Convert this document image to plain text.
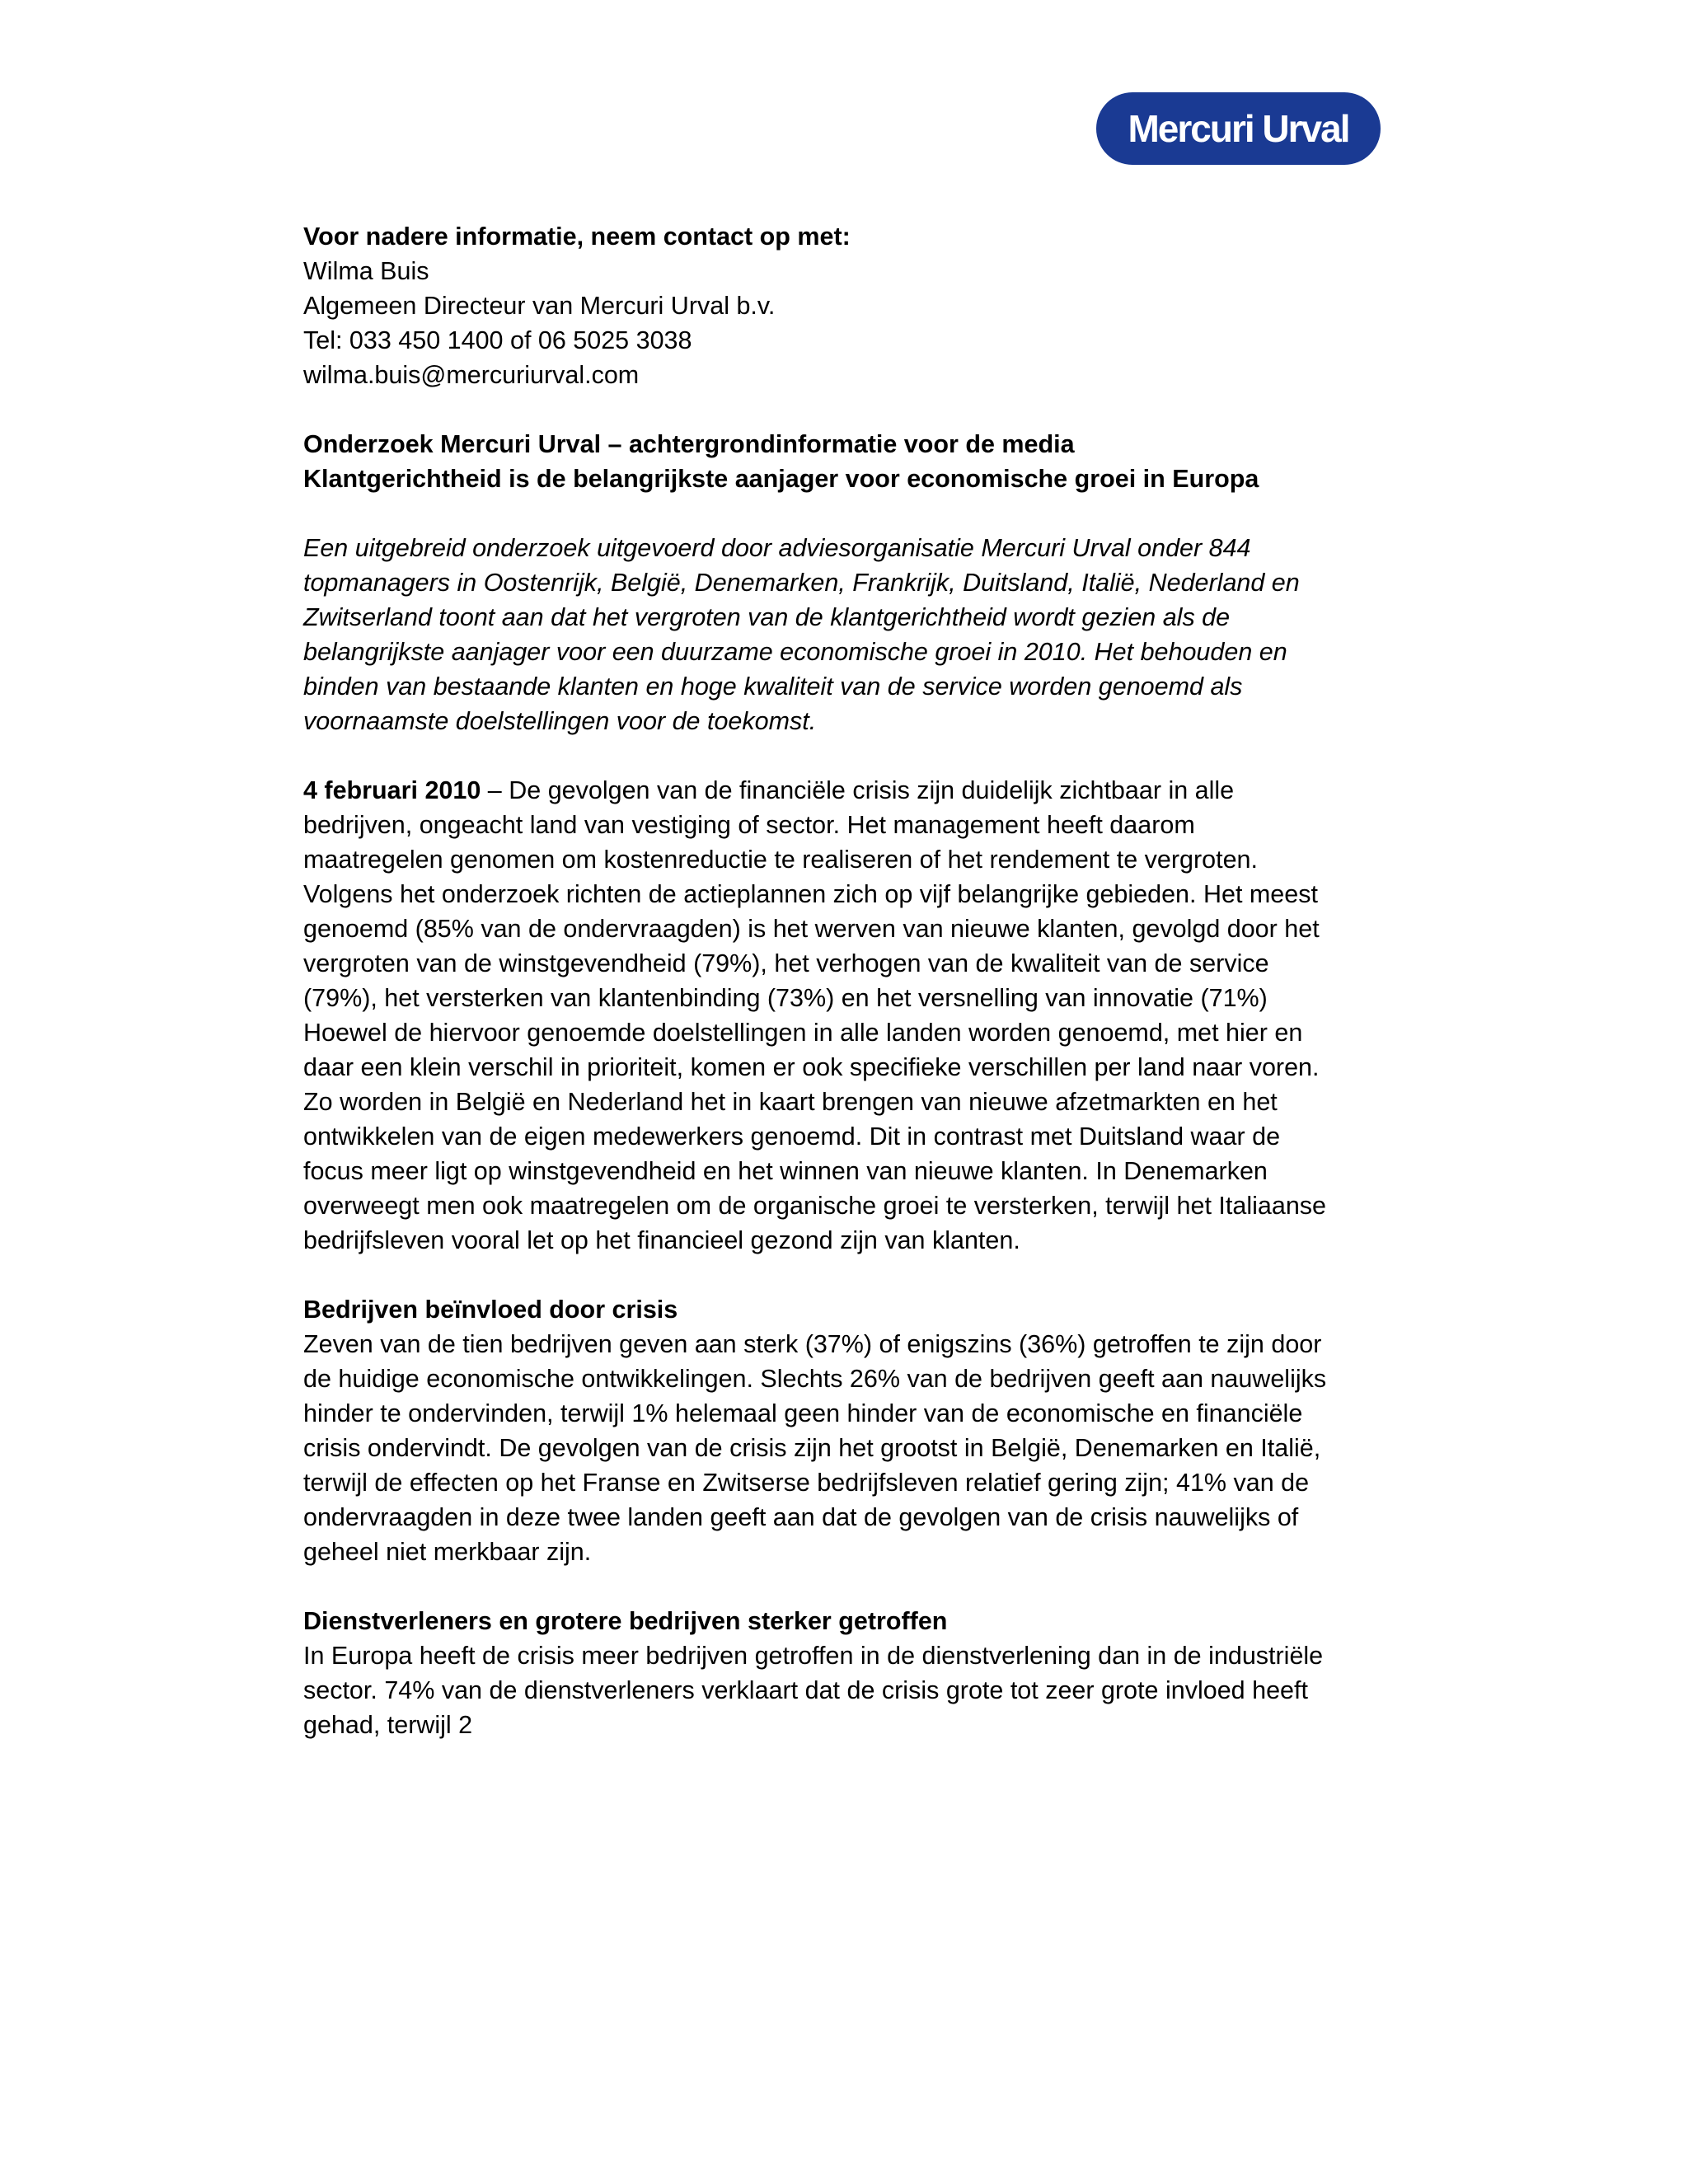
Mercuri Urval
Voor nadere informatie, neem contact op met:
Wilma Buis
Algemeen Directeur van Mercuri Urval b.v.
Tel: 033 450 1400 of 06 5025 3038
wilma.buis@mercuriurval.com
Onderzoek Mercuri Urval – achtergrondinformatie voor de media
Klantgerichtheid is de belangrijkste aanjager voor economische groei in Europa
Een uitgebreid onderzoek uitgevoerd door adviesorganisatie Mercuri Urval onder 844
topmanagers in Oostenrijk, België, Denemarken, Frankrijk, Duitsland, Italië, Nederland en
Zwitserland toont aan dat het vergroten van de klantgerichtheid wordt gezien als de
belangrijkste aanjager voor een duurzame economische groei in 2010. Het behouden en
binden van bestaande klanten en hoge kwaliteit van de service worden genoemd als
voornaamste doelstellingen voor de toekomst.
4 februari 2010 – De gevolgen van de financiële crisis zijn duidelijk zichtbaar in alle
bedrijven, ongeacht land van vestiging of sector. Het management heeft daarom
maatregelen genomen om kostenreductie te realiseren of het rendement te vergroten.
Volgens het onderzoek richten de actieplannen zich op vijf belangrijke gebieden. Het meest
genoemd (85% van de ondervraagden) is het werven van nieuwe klanten, gevolgd door het
vergroten van de winstgevendheid (79%), het verhogen van de kwaliteit van de service
(79%), het versterken van klantenbinding (73%) en het versnelling van innovatie (71%)
Hoewel de hiervoor genoemde doelstellingen in alle landen worden genoemd, met hier en
daar een klein verschil in prioriteit, komen er ook specifieke verschillen per land naar voren.
Zo worden in België en Nederland het in kaart brengen van nieuwe afzetmarkten en het
ontwikkelen van de eigen medewerkers genoemd. Dit in contrast met Duitsland waar de
focus meer ligt op winstgevendheid en het winnen van nieuwe klanten. In Denemarken
overweegt men ook maatregelen om de organische groei te versterken, terwijl het Italiaanse
bedrijfsleven vooral let op het financieel gezond zijn van klanten.
Bedrijven beïnvloed door crisis
Zeven van de tien bedrijven geven aan sterk (37%) of enigszins (36%) getroffen te zijn door
de huidige economische ontwikkelingen. Slechts 26% van de bedrijven geeft aan nauwelijks
hinder te ondervinden, terwijl 1% helemaal geen hinder van de economische en financiële
crisis ondervindt. De gevolgen van de crisis zijn het grootst in België, Denemarken en Italië,
terwijl de effecten op het Franse en Zwitserse bedrijfsleven relatief gering zijn; 41% van de
ondervraagden in deze twee landen geeft aan dat de gevolgen van de crisis nauwelijks of
geheel niet merkbaar zijn.
Dienstverleners en grotere bedrijven sterker getroffen
In Europa heeft de crisis meer bedrijven getroffen in de dienstverlening dan in de industriële
sector. 74% van de dienstverleners verklaart dat de crisis grote tot zeer grote invloed heeft
gehad, terwijl 2
